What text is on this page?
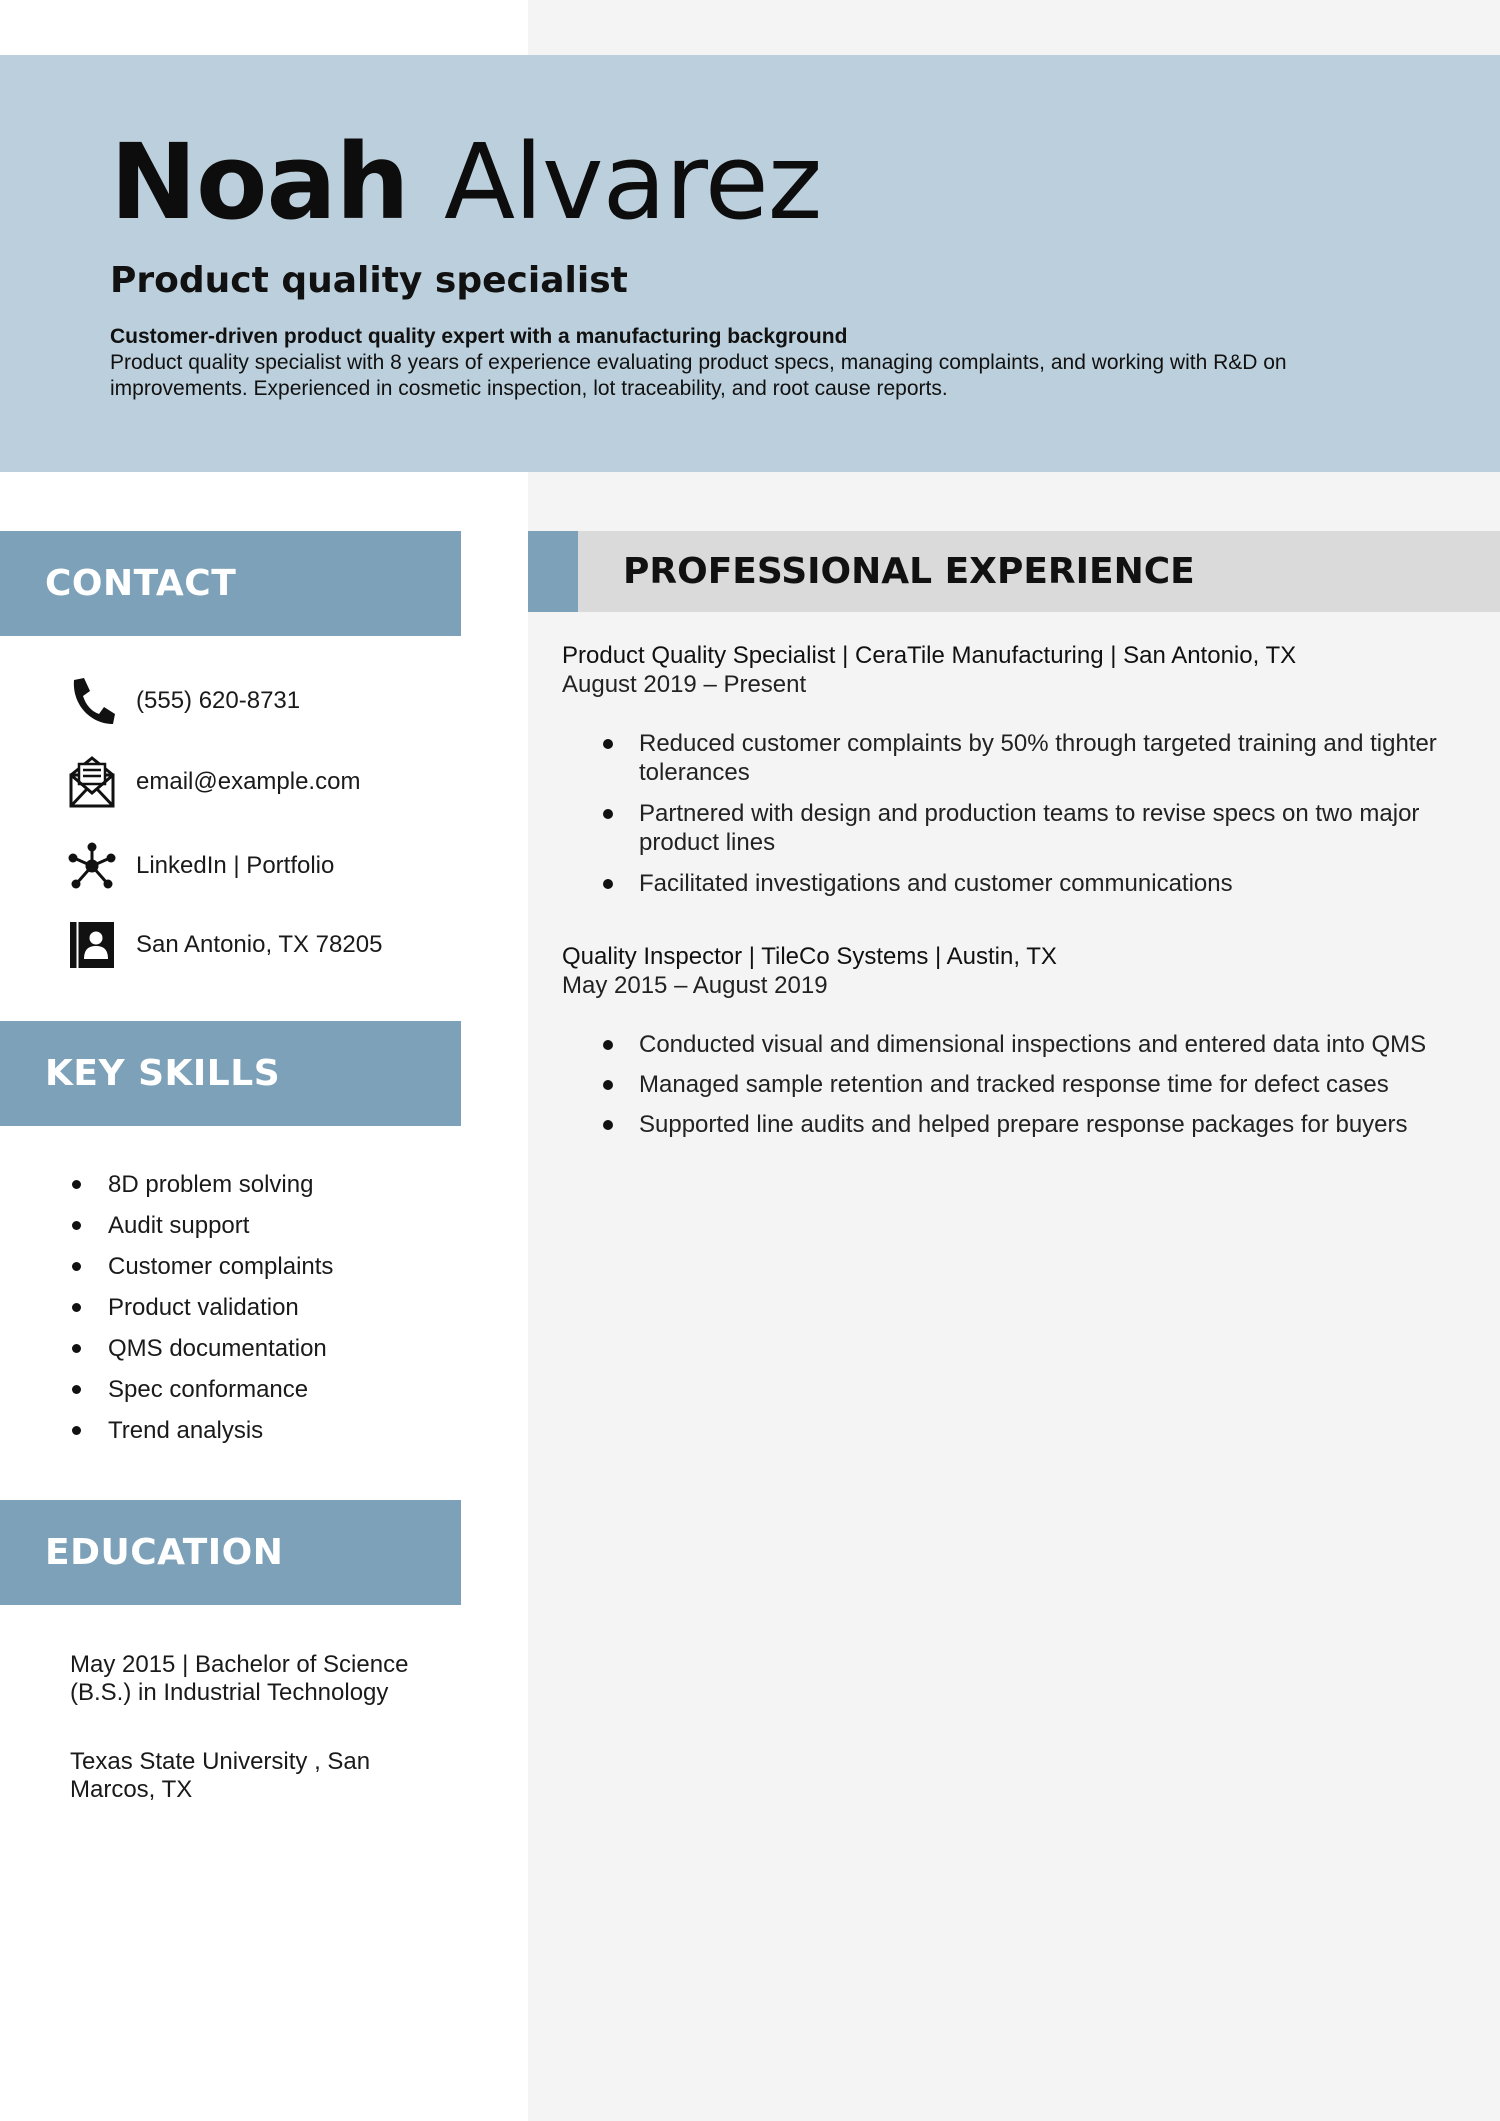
Noah Alvarez
Product quality specialist
Customer-driven product quality expert with a manufacturing background
Product quality specialist with 8 years of experience evaluating product specs, managing complaints, and working with R&D on improvements. Experienced in cosmetic inspection, lot traceability, and root cause reports.
CONTACT
(555) 620-8731
email@example.com
LinkedIn | Portfolio
San Antonio, TX 78205
KEY SKILLS
8D problem solving
Audit support
Customer complaints
Product validation
QMS documentation
Spec conformance
Trend analysis
EDUCATION
May 2015 | Bachelor of Science (B.S.) in Industrial Technology
Texas State University , San Marcos, TX
PROFESSIONAL EXPERIENCE
Product Quality Specialist | CeraTile Manufacturing | San Antonio, TX
August 2019 – Present
Reduced customer complaints by 50% through targeted training and tighter tolerances
Partnered with design and production teams to revise specs on two major product lines
Facilitated investigations and customer communications
Quality Inspector | TileCo Systems | Austin, TX
May 2015 – August 2019
Conducted visual and dimensional inspections and entered data into QMS
Managed sample retention and tracked response time for defect cases
Supported line audits and helped prepare response packages for buyers
